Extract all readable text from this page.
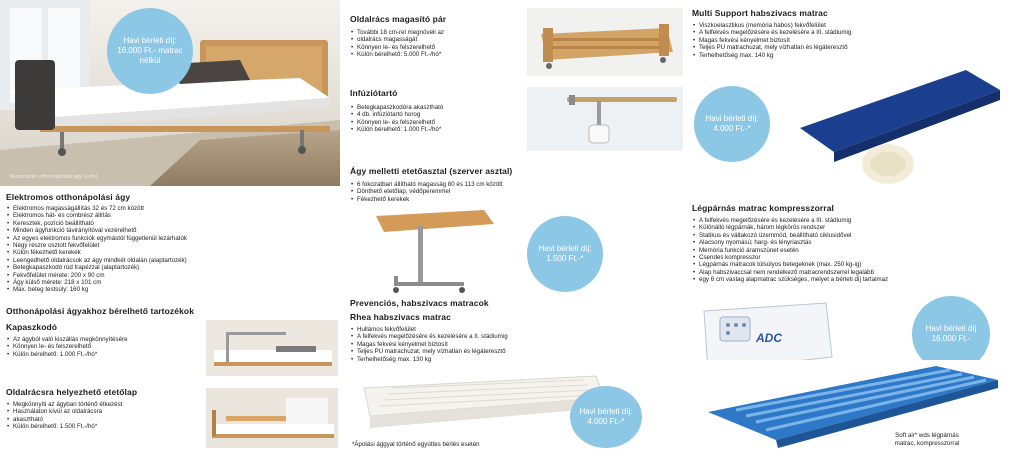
Illusztráció: otthonápolási ágy (Lido)
Havi bérleti díj: 16.000 Ft.- matrac nélkül
Elektromos otthonápolási ágy
• Elektromos magasságállítás 32 és 72 cm között
• Elektromos hát- és combrész állítás
• Keresztek, pozíció beállítható
• Minden ágyfunkció távirányítóval vezérelhető
• Az egyes elektromos funkciók egymástól függetlenül lezárhatók
• Négy részre osztott fekvőfelület
• Külön fékezhető kerekek
• Leengedhető oldalrácsok az ágy mindkét oldalán (alaptartozék)
• Betegkapaszkodó rúd trapézzal (alaptartozék)
• Fekvőfelület mérete: 200 x 90 cm
• Ágy külső mérete: 218 x 101 cm
• Max. beteg testsúly: 160 kg
Otthonápolási ágyakhoz bérelhető tartozékok
Kapaszkodó
• Az ágyból való kiszállás megkönnyítésére
• Könnyen le- és felszerelhető
• Külön bérelhető: 1.000 Ft.-/hó*
Oldalrácsra helyezhető etetőlap
• Megkönnyíti az ágyban történő étkezést
• Használaton kívül az oldalrácsra
• akasztható
• Külön bérelhető: 1.500 Ft.-/hó*
Oldalrács magasító pár
• További 18 cm-rel megnöveli az
• oldalrács magasságát
• Könnyen le- és felszerelhető
• Külön bérelhető: 5.000 Ft.-/hó*
Infúziótartó
• Betegkapaszkodóra akasztható
• 4 db. infúziótartó horog
• Könnyen le- és felszerelhető
• Külön bérelhető: 1.000 Ft.-/hó*
Ágy melletti etetőasztal (szerver asztal)
• 6 fokozatban állítható magasság 80 és 113 cm között
• Dönthető etetőlap, védőperemmel
• Fékezhető kerekek
Havi bérleti díj: 1.500 Ft.-*
Prevenciós, habszivacs matracok
Rhea habszivacs matrac
• Hullámos fekvőfelület
• A felfekvés megelőzésére és kezelésére a II. stádiumig
• Magas fekvési kényelmet biztosít
• Teljes PU matrachuzat, mely vízhatlan és légáteresztő
• Terhelhetőség max. 130 kg
*Ápolási ággyal történő együttes bérlés esetén
Havi bérleti díj: 4.000 Ft.-*
Multi Support habszivacs matrac
• Viszkoelasztikus (memória habos) fekvőfelület
• A felfekvés megelőzésére és kezelésére a III. stádiumig
• Magas fekvési kényelmet biztosít
• Teljes PU matrachuzat, mely vízhatlan és légáteresztő
• Terhelhetőség max. 140 kg
Havi bérleti díj: 4.000 Ft.-*
Légpárnás matrac kompresszorral
• A felfekvés megelőzésére és kezelésére a III. stádiumig
• Különálló légpárnák, három légkörös rendszer
• Statikus és váltakozó üzemmód, beállítható ciklusidővel
• Alacsony nyomású; harg- és lényriasztás
• Memória funkció áramszünet esetén
• Csendes kompresszor
• Légpárnás matracok túlsúlyos betegeknek (max. 250 kg-ig)
• Alap habszivaccsal nem rendelkező matracrendszerrel legalább
• egy 6 cm vastag alapmatrac szükséges, melyet a bérleti díj tartalmaz
ADC
Havi bérleti díj 16.000 Ft.-
Soft air* wds légpárnás
matrac, kompresszorral
